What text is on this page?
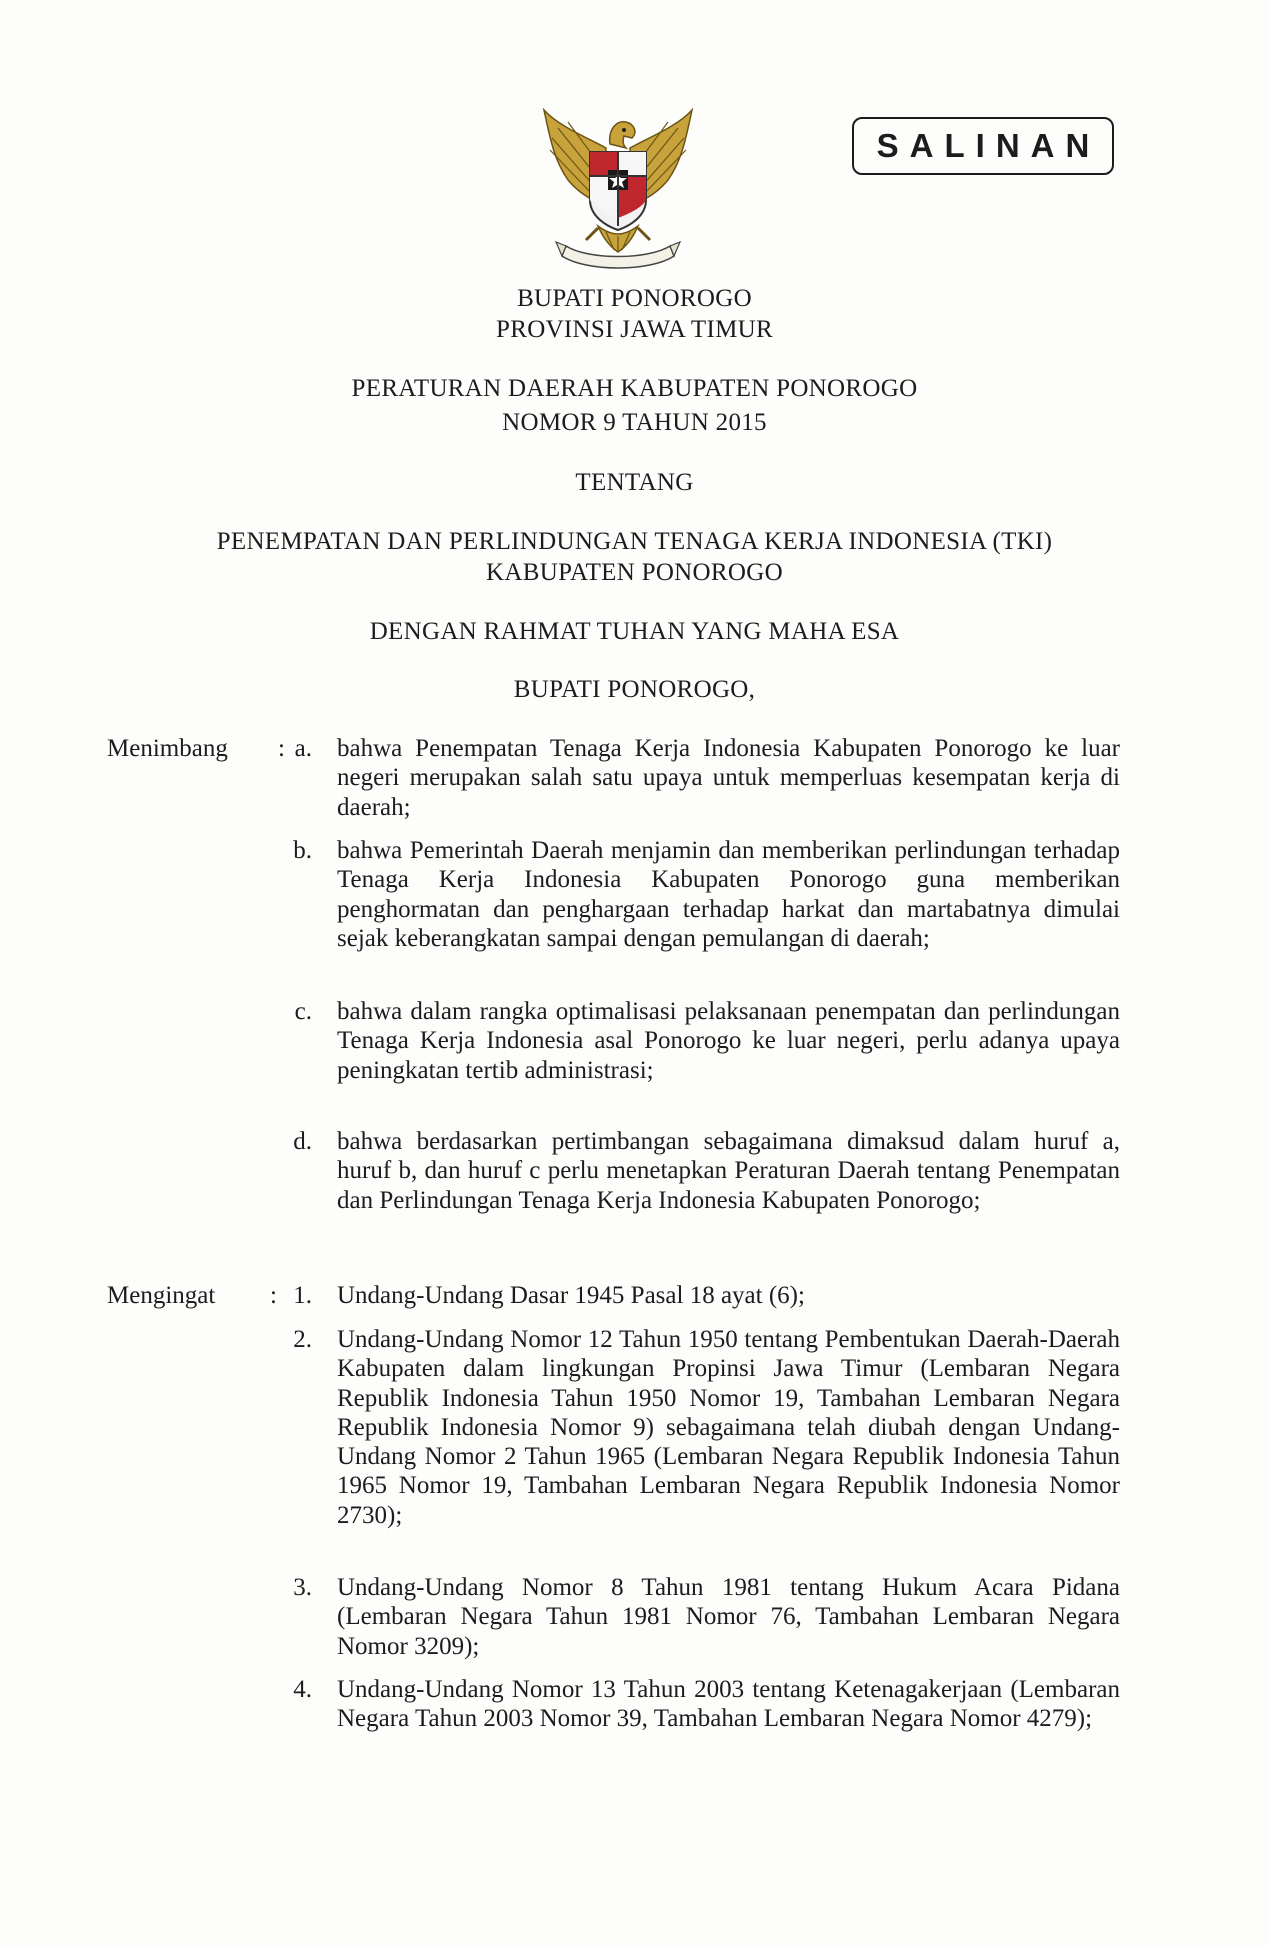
SALINAN
BUPATI PONOROGO
PROVINSI JAWA TIMUR
PERATURAN DAERAH KABUPATEN PONOROGO
NOMOR 9 TAHUN 2015
TENTANG
PENEMPATAN DAN PERLINDUNGAN TENAGA KERJA INDONESIA (TKI)
KABUPATEN PONOROGO
DENGAN RAHMAT TUHAN YANG MAHA ESA
BUPATI PONOROGO,
Menimbang : a. bahwa Penempatan Tenaga Kerja Indonesia Kabupaten Ponorogo ke luar negeri merupakan salah satu upaya untuk memperluas kesempatan kerja di daerah;
b. bahwa Pemerintah Daerah menjamin dan memberikan perlindungan terhadap Tenaga Kerja Indonesia Kabupaten Ponorogo guna memberikan penghormatan dan penghargaan terhadap harkat dan martabatnya dimulai sejak keberangkatan sampai dengan pemulangan di daerah;
c. bahwa dalam rangka optimalisasi pelaksanaan penempatan dan perlindungan Tenaga Kerja Indonesia asal Ponorogo ke luar negeri, perlu adanya upaya peningkatan tertib administrasi;
d. bahwa berdasarkan pertimbangan sebagaimana dimaksud dalam huruf a, huruf b, dan huruf c perlu menetapkan Peraturan Daerah tentang Penempatan dan Perlindungan Tenaga Kerja Indonesia Kabupaten Ponorogo;
Mengingat : 1. Undang-Undang Dasar 1945 Pasal 18 ayat (6);
2. Undang-Undang Nomor 12 Tahun 1950 tentang Pembentukan Daerah-Daerah Kabupaten dalam lingkungan Propinsi Jawa Timur (Lembaran Negara Republik Indonesia Tahun 1950 Nomor 19, Tambahan Lembaran Negara Republik Indonesia Nomor 9) sebagaimana telah diubah dengan Undang-Undang Nomor 2 Tahun 1965 (Lembaran Negara Republik Indonesia Tahun 1965 Nomor 19, Tambahan Lembaran Negara Republik Indonesia Nomor 2730);
3. Undang-Undang Nomor 8 Tahun 1981 tentang Hukum Acara Pidana (Lembaran Negara Tahun 1981 Nomor 76, Tambahan Lembaran Negara Nomor 3209);
4. Undang-Undang Nomor 13 Tahun 2003 tentang Ketenagakerjaan (Lembaran Negara Tahun 2003 Nomor 39, Tambahan Lembaran Negara Nomor 4279);
